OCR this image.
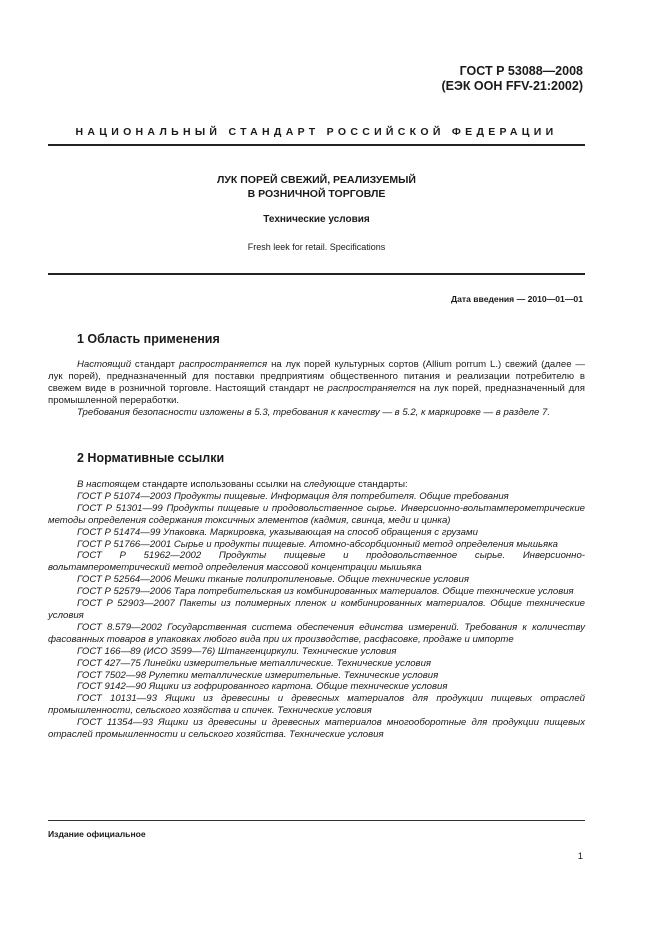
ГОСТ Р 53088—2008
(ЕЭК ООН FFV-21:2002)
НАЦИОНАЛЬНЫЙ СТАНДАРТ РОССИЙСКОЙ ФЕДЕРАЦИИ
ЛУК ПОРЕЙ СВЕЖИЙ, РЕАЛИЗУЕМЫЙ
В РОЗНИЧНОЙ ТОРГОВЛЕ
Технические условия
Fresh leek for retail. Specifications
Дата введения — 2010—01—01
1 Область применения

Настоящий стандарт распространяется на лук порей культурных сортов (Allium porrum L.) свежий (далее — лук порей), предназначенный для поставки предприятиям общественного питания и реализации потребителю в свежем виде в розничной торговле. Настоящий стандарт не распространяется на лук порей, предназначенный для промышленной переработки.

Требования безопасности изложены в 5.3, требования к качеству — в 5.2, к маркировке — в разделе 7.

2 Нормативные ссылки

В настоящем стандарте использованы ссылки на следующие стандарты:

ГОСТ Р 51074—2003 Продукты пищевые. Информация для потребителя. Общие требования

ГОСТ Р 51301—99 Продукты пищевые и продовольственное сырье. Инверсионно-вольтамперометрические методы определения содержания токсичных элементов (кадмия, свинца, меди и цинка)

ГОСТ Р 51474—99 Упаковка. Маркировка, указывающая на способ обращения с грузами

ГОСТ Р 51766—2001 Сырье и продукты пищевые. Атомно-абсорбционный метод определения мышьяка

ГОСТ Р 51962—2002 Продукты пищевые и продовольственное сырье. Инверсионно-вольтамперометрический метод определения массовой концентрации мышьяка

ГОСТ Р 52564—2006 Мешки тканые полипропиленовые. Общие технические условия

ГОСТ Р 52579—2006 Тара потребительская из комбинированных материалов. Общие технические условия

ГОСТ Р 52903—2007 Пакеты из полимерных пленок и комбинированных материалов. Общие технические условия

ГОСТ 8.579—2002 Государственная система обеспечения единства измерений. Требования к количеству фасованных товаров в упаковках любого вида при их производстве, расфасовке, продаже и импорте

ГОСТ 166—89 (ИСО 3599—76) Штангенциркули. Технические условия

ГОСТ 427—75 Линейки измерительные металлические. Технические условия

ГОСТ 7502—98 Рулетки металлические измерительные. Технические условия

ГОСТ 9142—90 Ящики из гофрированного картона. Общие технические условия

ГОСТ 10131—93 Ящики из древесины и древесных материалов для продукции пищевых отраслей промышленности, сельского хозяйства и спичек. Технические условия

ГОСТ 11354—93 Ящики из древесины и древесных материалов многооборотные для продукции пищевых отраслей промышленности и сельского хозяйства. Технические условия

Издание официальное
1
